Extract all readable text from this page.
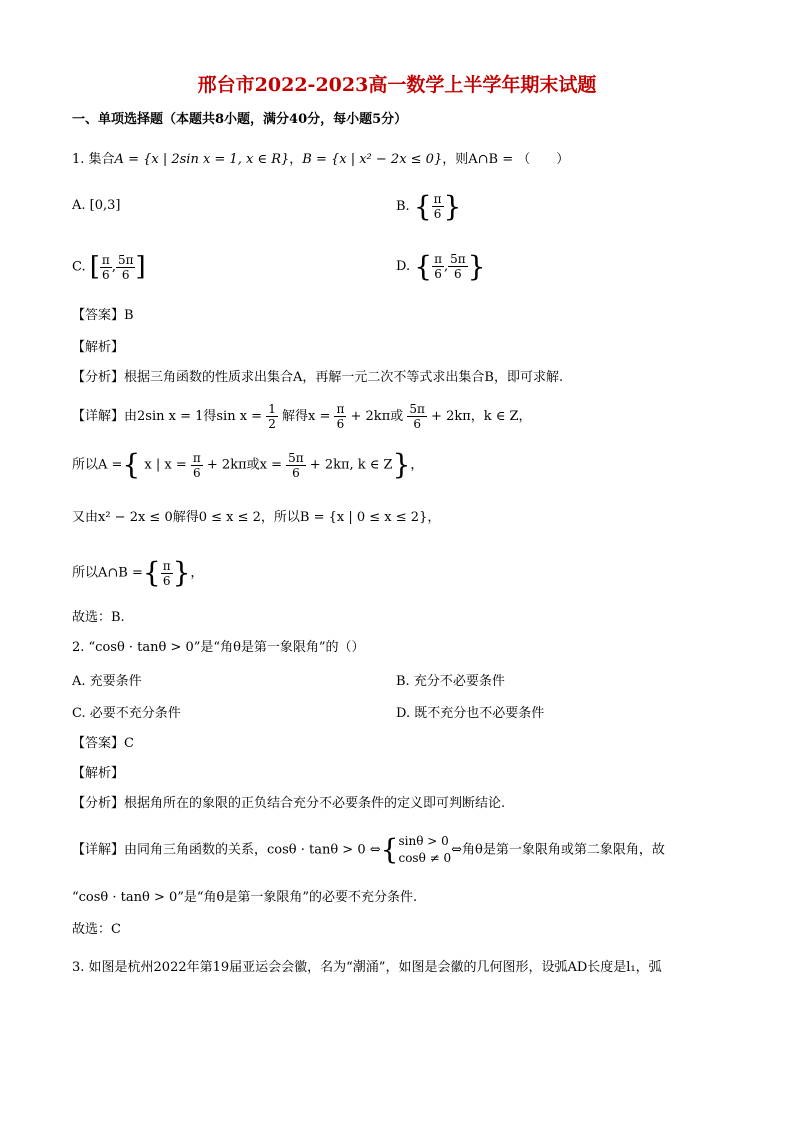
邢台市2022-2023高一数学上半学年期末试题
一、单项选择题（本题共8小题，满分40分，每小题5分）
1. 集合A = {x | 2sin x = 1, x ∈ R}，B = {x | x² − 2x ≤ 0}，则A∩B = （　　）
A. [0,3]	B. { $\frac{\pi}{6}$ }
C. [ $\frac{\pi}{6}$ , $\frac{5\pi}{6}$ ]	D. { $\frac{\pi}{6}$ , $\frac{5\pi}{6}$ }
【答案】B
【解析】
【分析】根据三角函数的性质求出集合A，再解一元二次不等式求出集合B，即可求解.
【详解】由2sin x = 1得$\sin x = \frac{1}{2}$ 解得$x = \frac{\pi}{6} + 2k\pi$或 $\frac{5\pi}{6} + 2k\pi$，k ∈ Z，
所以A ={ x | $x = \frac{\pi}{6} + 2k\pi$或$x = \frac{5\pi}{6} + 2k\pi$, k ∈ Z}，
又由x² − 2x ≤ 0解得0 ≤ x ≤ 2，所以B = {x | 0 ≤ x ≤ 2}，
所以A∩B ={ $\frac{\pi}{6}$ }，
故选：B.
2. “cosθ · tanθ > 0”是“角θ是第一象限角”的（）
A. 充要条件	B. 充分不必要条件
C. 必要不充分条件	D. 既不充分也不必要条件
【答案】C
【解析】
【分析】根据角所在的象限的正负结合充分不必要条件的定义即可判断结论.
【详解】由同角三角函数的关系，cosθ · tanθ > 0 ⇔{ sinθ > 0
cosθ ≠ 0
⇔角θ是第一象限角或第二象限角，故
“cosθ · tanθ > 0”是“角θ是第一象限角”的必要不充分条件.
故选：C
3. 如图是杭州2022年第19届亚运会会徽，名为“潮涌”，如图是会徽的几何图形，设弧AD长度是l₁，弧
